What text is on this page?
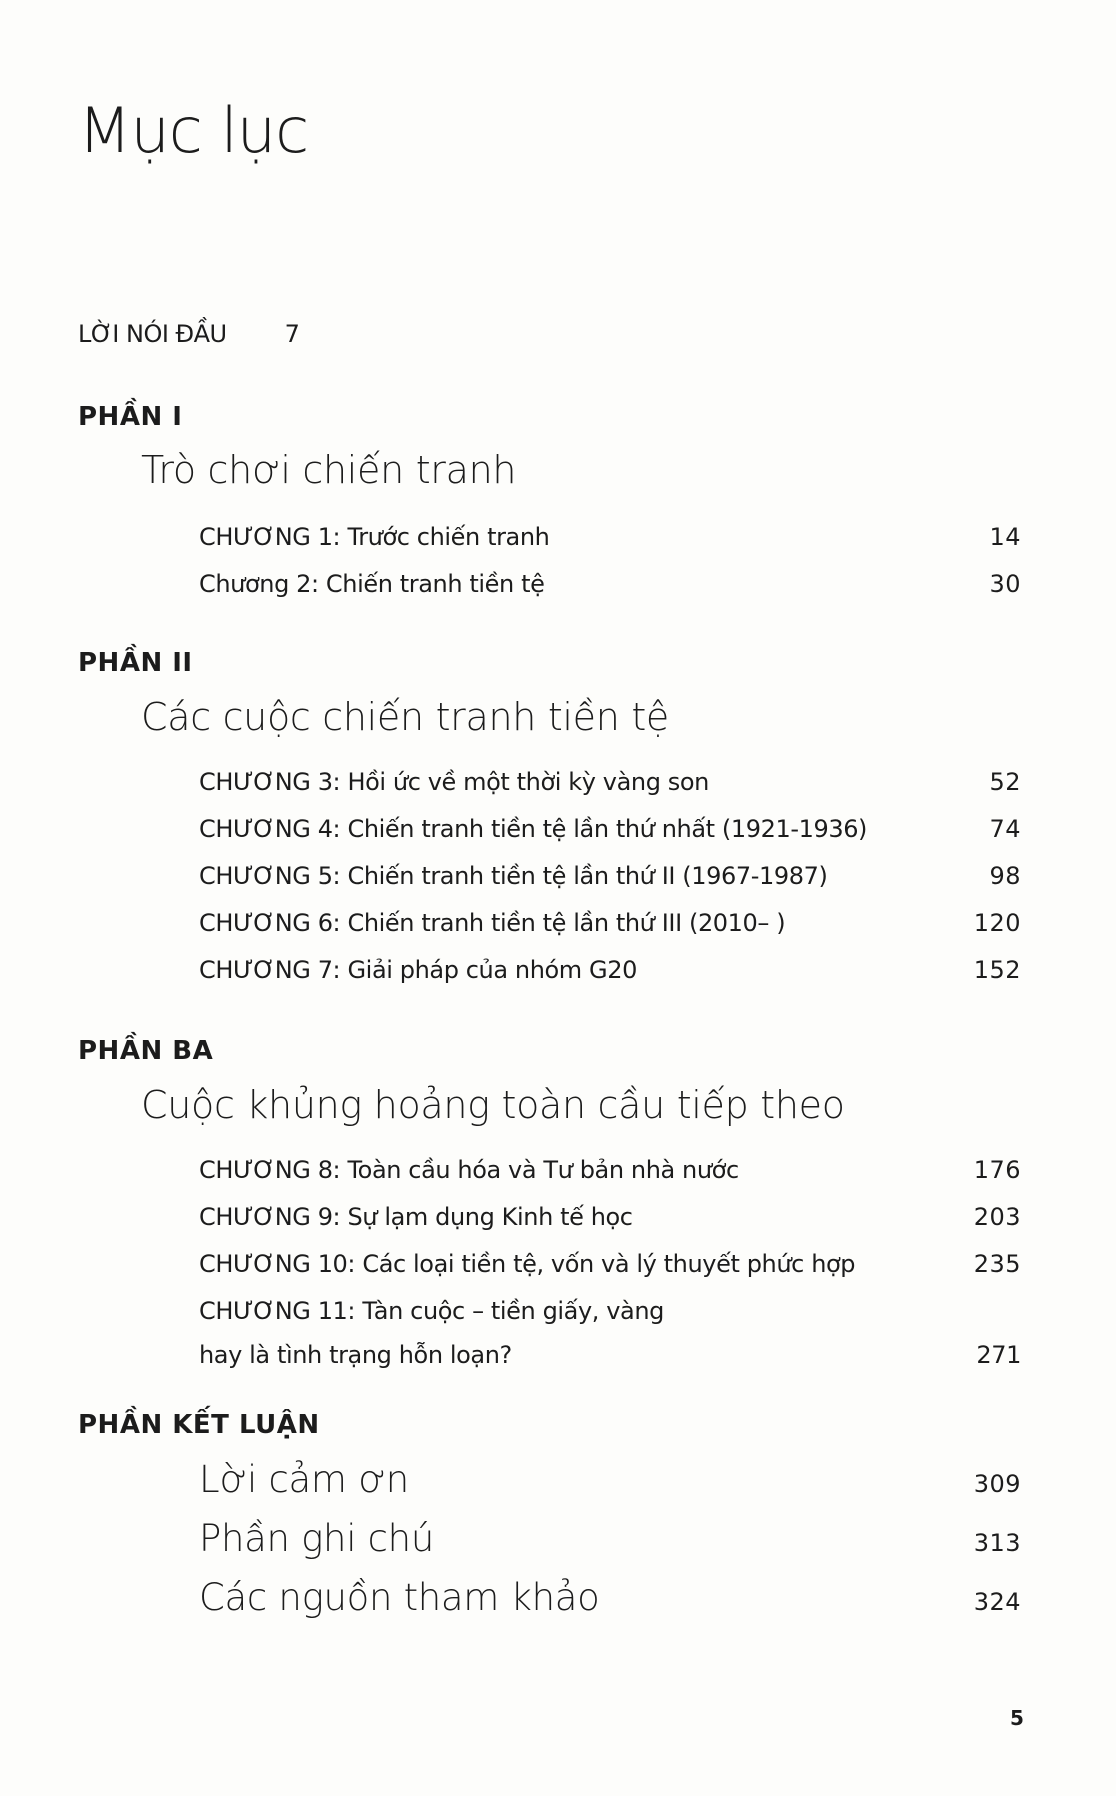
Mục lục
LỜI NÓI ĐẦU 7
PHẦN I
Trò chơi chiến tranh
CHƯƠNG 1: Trước chiến tranh	14
Chương 2: Chiến tranh tiền tệ	30
PHẦN II
Các cuộc chiến tranh tiền tệ
CHƯƠNG 3: Hồi ức về một thời kỳ vàng son	52
CHƯƠNG 4: Chiến tranh tiền tệ lần thứ nhất (1921-1936)	74
CHƯƠNG 5: Chiến tranh tiền tệ lần thứ II (1967-1987)	98
CHƯƠNG 6: Chiến tranh tiền tệ lần thứ III (2010– )	120
CHƯƠNG 7: Giải pháp của nhóm G20	152
PHẦN BA
Cuộc khủng hoảng toàn cầu tiếp theo
CHƯƠNG 8: Toàn cầu hóa và Tư bản nhà nước	176
CHƯƠNG 9: Sự lạm dụng Kinh tế học	203
CHƯƠNG 10: Các loại tiền tệ, vốn và lý thuyết phức hợp	235
CHƯƠNG 11: Tàn cuộc – tiền giấy, vàng
hay là tình trạng hỗn loạn?	271
PHẦN KẾT LUẬN
Lời cảm ơn	309
Phần ghi chú	313
Các nguồn tham khảo	324
5
